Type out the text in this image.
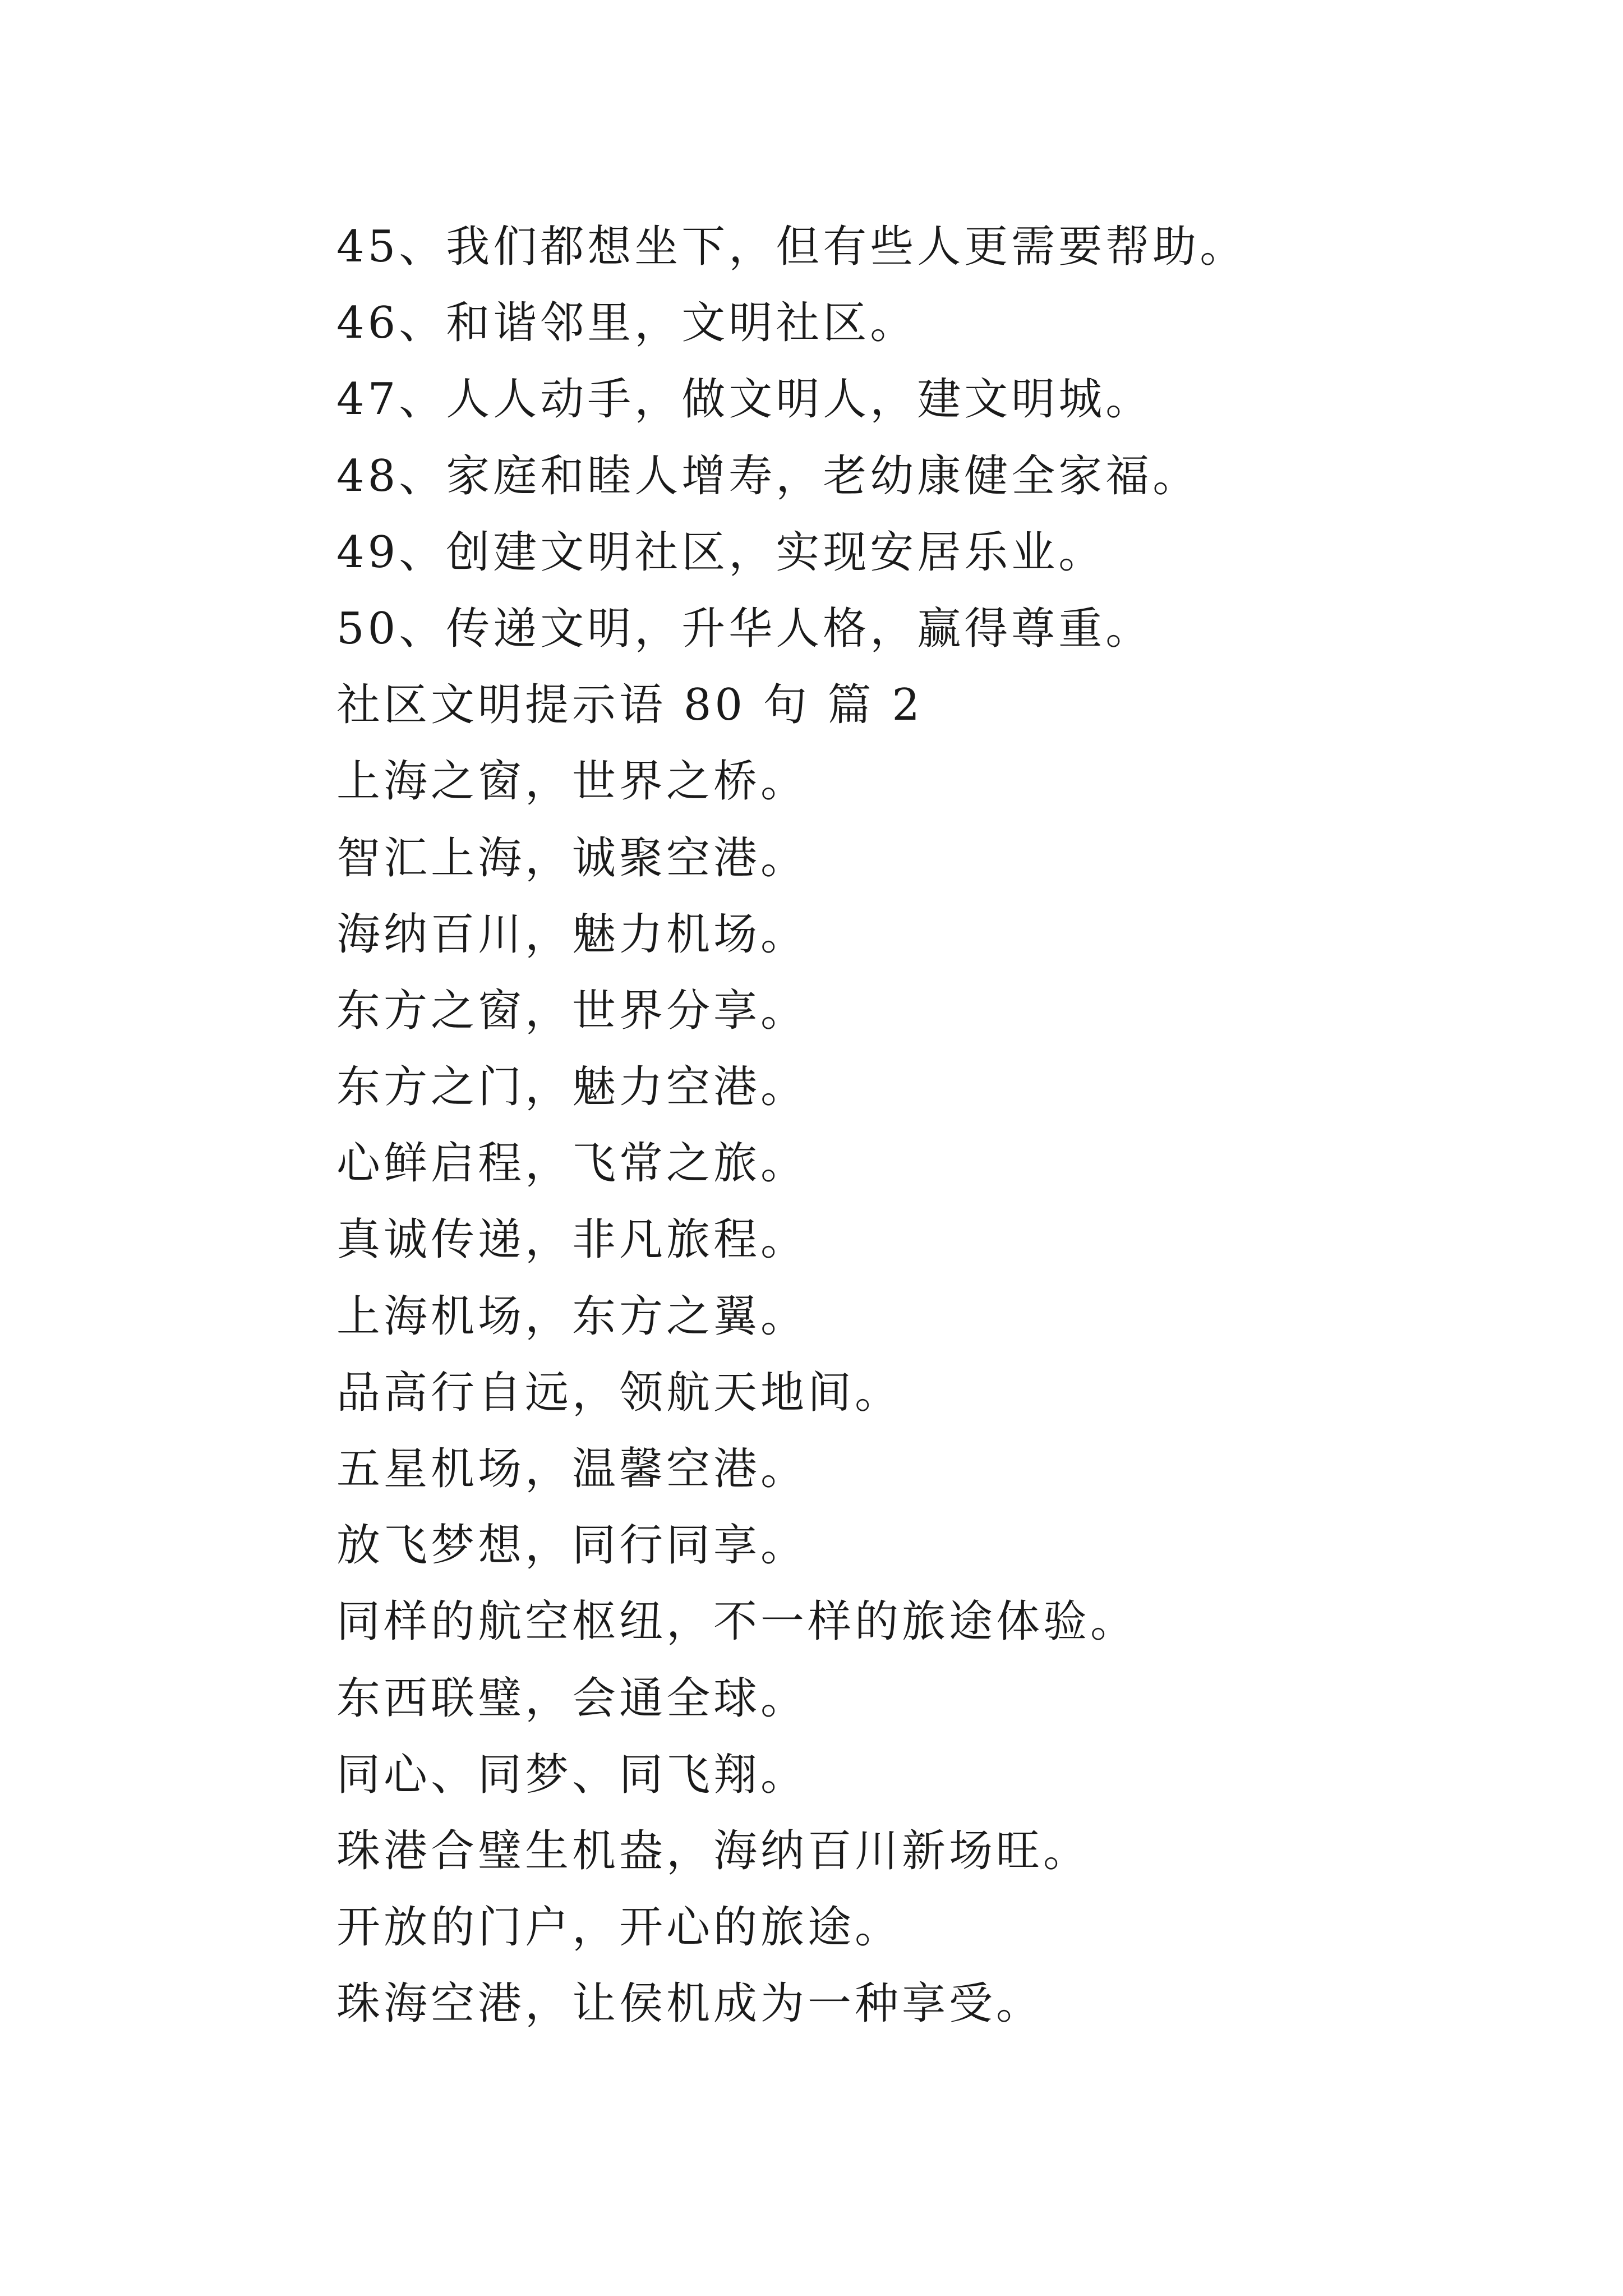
45、我们都想坐下，但有些人更需要帮助。
46、和谐邻里，文明社区。
47、人人动手，做文明人，建文明城。
48、家庭和睦人增寿，老幼康健全家福。
49、创建文明社区，实现安居乐业。
50、传递文明，升华人格，赢得尊重。
社区文明提示语 80 句 篇 2
上海之窗，世界之桥。
智汇上海，诚聚空港。
海纳百川，魅力机场。
东方之窗，世界分享。
东方之门，魅力空港。
心鲜启程，飞常之旅。
真诚传递，非凡旅程。
上海机场，东方之翼。
品高行自远，领航天地间。
五星机场，温馨空港。
放飞梦想，同行同享。
同样的航空枢纽，不一样的旅途体验。
东西联璧，会通全球。
同心、同梦、同飞翔。
珠港合璧生机盎，海纳百川新场旺。
开放的门户，开心的旅途。
珠海空港，让侯机成为一种享受。
